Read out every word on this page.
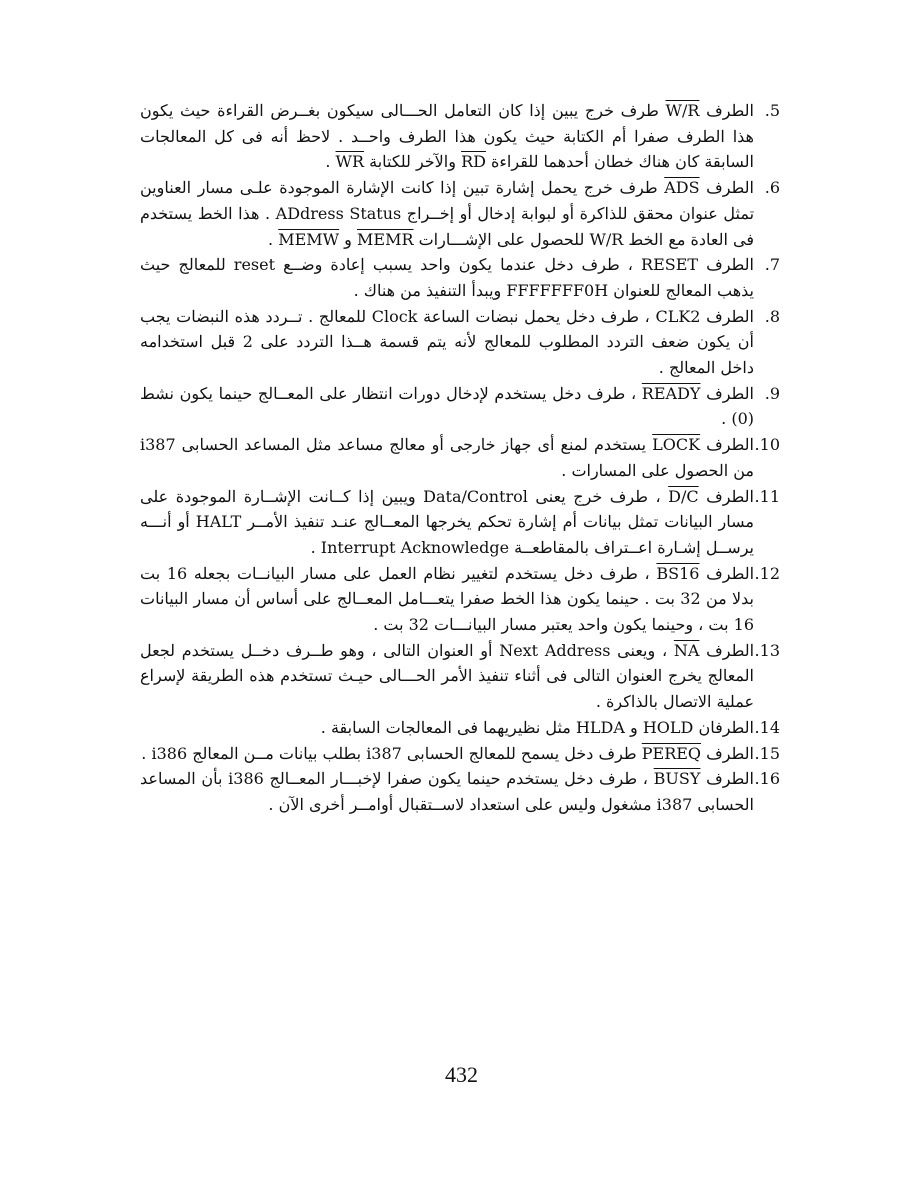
.5
الطرف W/R طرف خرج يبين إذا كان التعامل الحـــالى سيكون بغــرض القراءة حيث يكون هذا الطرف صفرا أم الكتابة حيث يكون هذا الطرف واحــد . لاحظ أنه فى كل المعالجات السابقة كان هناك خطان أحدهما للقراءة RD والآخر للكتابة WR .

.6
الطرف ADS طرف خرج يحمل إشارة تبين إذا كانت الإشارة الموجودة علـى مسار العناوين تمثل عنوان محقق للذاكرة أو لبوابة إدخال أو إخــراج ADdress Status . هذا الخط يستخدم فى العادة مع الخط W/R للحصول على الإشـــارات MEMR و MEMW .

.7
الطرف RESET ، طرف دخل عندما يكون واحد يسبب إعادة وضــع reset للمعالج حيث يذهب المعالج للعنوان FFFFFFF0H ويبدأ التنفيذ من هناك .

.8
الطرف CLK2 ، طرف دخل يحمل نبضات الساعة Clock للمعالج . تــردد هذه النبضات يجب أن يكون ضعف التردد المطلوب للمعالج لأنه يتم قسمة هــذا التردد على 2 قبل استخدامه داخل المعالج .

.9
الطرف READY ، طرف دخل يستخدم لإدخال دورات انتظار على المعــالج حينما يكون نشط (0) .

.10
الطرف LOCK يستخدم لمنع أى جهاز خارجى أو معالج مساعد مثل المساعد الحسابى i387 من الحصول على المسارات .

.11
الطرف D/C ، طرف خرج يعنى Data/Control ويبين إذا كــانت الإشــارة الموجودة على مسار البيانات تمثل بيانات أم إشارة تحكم يخرجها المعــالج عنـد تنفيذ الأمــر HALT أو أنـــه يرســل إشـارة اعــتراف بالمقاطعــة Interrupt Acknowledge .

.12
الطرف BS16 ، طرف دخل يستخدم لتغيير نظام العمل على مسار البيانــات بجعله 16 بت بدلا من 32 بت . حينما يكون هذا الخط صفرا يتعـــامل المعــالج على أساس أن مسار البيانات 16 بت ، وحينما يكون واحد يعتبر مسار البيانـــات 32 بت .

.13
الطرف NA ، ويعنى Next Address أو العنوان التالى ، وهو طــرف دخــل يستخدم لجعل المعالج يخرج العنوان التالى فى أثناء تنفيذ الأمر الحـــالى حيـث تستخدم هذه الطريقة لإسراع عملية الاتصال بالذاكرة .

.14
الطرفان HOLD و HLDA مثل نظيريهما فى المعالجات السابقة .

.15
الطرف PEREQ طرف دخل يسمح للمعالج الحسابى i387 بطلب بيانات مــن المعالج i386 .

.16
الطرف BUSY ، طرف دخل يستخدم حينما يكون صفرا لإخبـــار المعــالج i386 بأن المساعد الحسابى i387 مشغول وليس على استعداد لاســتقبال أوامــر أخرى الآن .

432
